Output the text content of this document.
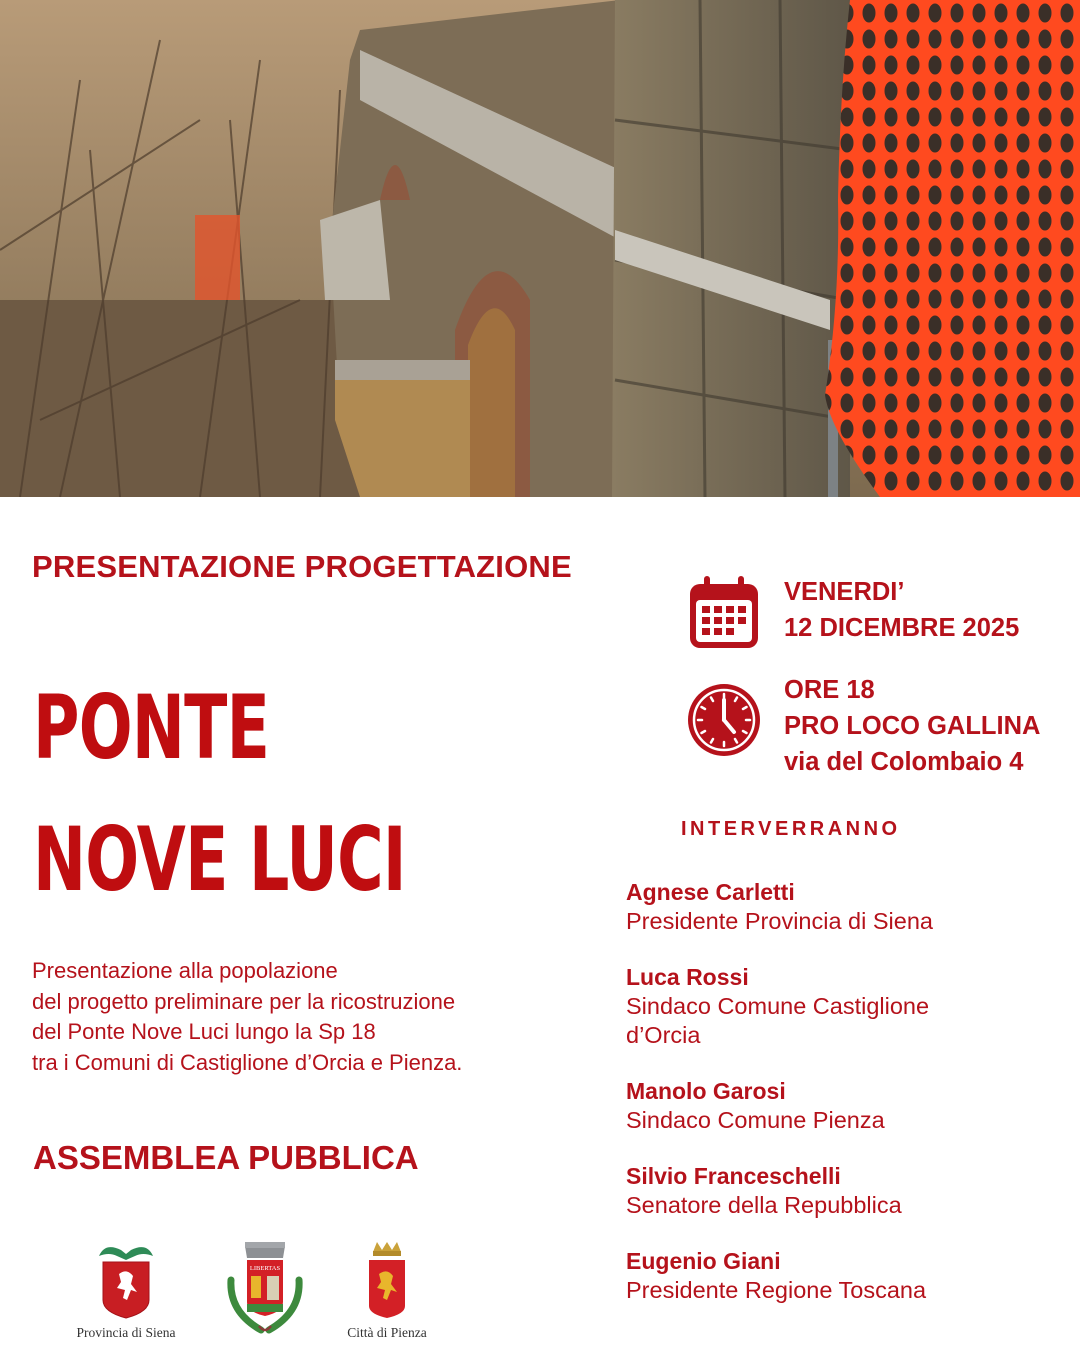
PRESENTAZIONE PROGETTAZIONE
PONTE
NOVE LUCI
Presentazione alla popolazione
del progetto preliminare per la ricostruzione
del Ponte Nove Luci lungo la Sp 18
tra i Comuni di Castiglione d’Orcia e Pienza.
ASSEMBLEA PUBBLICA
VENERDI’
12 DICEMBRE 2025
ORE 18
PRO LOCO GALLINA
via del Colombaio 4
INTERVERRANNO
Agnese Carletti
Presidente Provincia di Siena
Luca Rossi
Sindaco Comune Castiglione
d’Orcia
Manolo Garosi
Sindaco Comune Pienza
Silvio Franceschelli
Senatore della Repubblica
Eugenio Giani
Presidente Regione Toscana
Provincia di Siena
LIBERTAS
Città di Pienza
